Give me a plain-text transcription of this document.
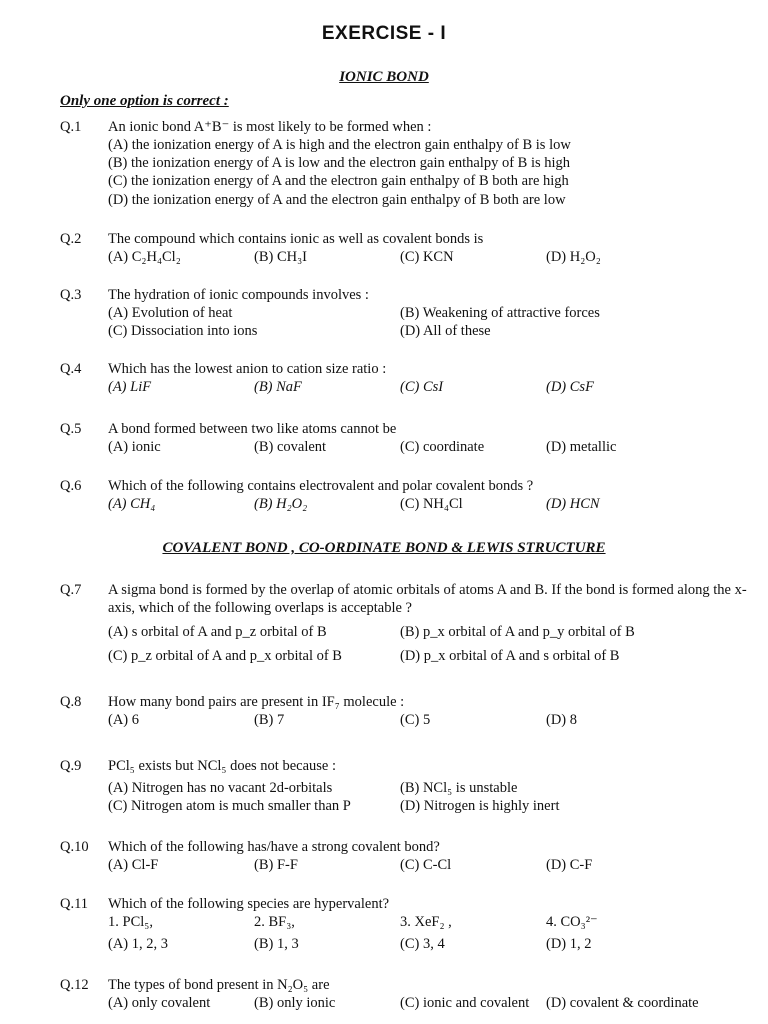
EXERCISE - I
IONIC BOND
Only one option is correct :
Q.1 An ionic bond A⁺B⁻ is most likely to be formed when :
(A) the ionization energy of A is high and the electron gain enthalpy of B is low
(B) the ionization energy of A is low and the electron gain enthalpy of B is high
(C) the ionization energy of A and the electron gain enthalpy of B both are high
(D) the ionization energy of A and the electron gain enthalpy of B both are low
Q.2 The compound which contains ionic as well as covalent bonds is
(A) C₂H₄Cl₂	(B) CH₃I	(C) KCN	(D) H₂O₂
Q.3 The hydration of ionic compounds involves :
(A) Evolution of heat	(B) Weakening of attractive forces
(C) Dissociation into ions	(D) All of these
Q.4 Which has the lowest anion to cation size ratio :
(A) LiF	(B) NaF	(C) CsI	(D) CsF
Q.5 A bond formed between two like atoms cannot be
(A) ionic	(B) covalent	(C) coordinate	(D) metallic
Q.6 Which of the following contains electrovalent and polar covalent bonds ?
(A) CH₄	(B) H₂O₂	(C) NH₄Cl	(D) HCN
COVALENT BOND , CO-ORDINATE BOND & LEWIS STRUCTURE
Q.7 A sigma bond is formed by the overlap of atomic orbitals of atoms A and B. If the bond is formed along the x-axis, which of the following overlaps is acceptable ?
(A) s orbital of A and p_z orbital of B	(B) p_x orbital of A and p_y orbital of B
(C) p_z orbital of A and p_x orbital of B	(D) p_x orbital of A and s orbital of B
Q.8 How many bond pairs are present in IF₇ molecule :
(A) 6	(B) 7	(C) 5	(D) 8
Q.9 PCl₅ exists but NCl₅ does not because :
(A) Nitrogen has no vacant 2d-orbitals	(B) NCl₅ is unstable
(C) Nitrogen atom is much smaller than P	(D) Nitrogen is highly inert
Q.10 Which of the following has/have a strong covalent bond?
(A) Cl-F	(B) F-F	(C) C-Cl	(D) C-F
Q.11 Which of the following species are hypervalent?
1. PCl₅,	2. BF₃,	3. XeF₂ ,	4. CO₃²⁻
(A) 1, 2, 3	(B) 1, 3	(C) 3, 4	(D) 1, 2
Q.12 The types of bond present in N₂O₅ are
(A) only covalent	(B) only ionic	(C) ionic and covalent	(D) covalent & coordinate
